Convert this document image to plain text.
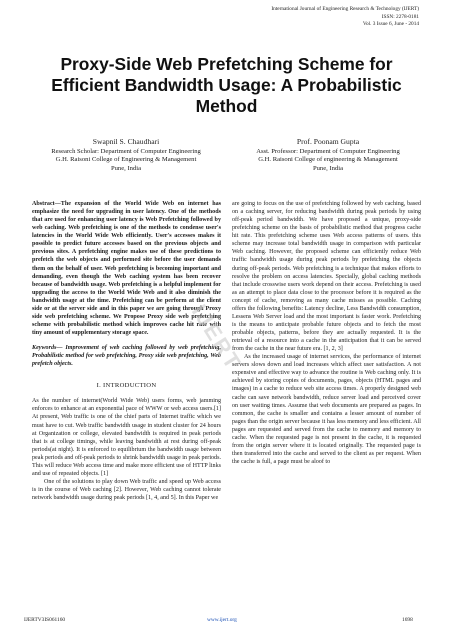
International Journal of Engineering Research & Technology (IJERT)
ISSN: 2278-0181
Vol. 3 Issue 6, June - 2014
Proxy-Side Web Prefetching Scheme for Efficient Bandwidth Usage: A Probabilistic Method
Swapnil S. Chaudhari
Research Scholar: Department of Computer Engineering
G.H. Raisoni College of Engineering & Management
Pune, India
Prof. Poonam Gupta
Asst. Professor: Department of Computer Engineering
G.H. Raisoni College of engineering & Management
Pune, India

Abstract—The expansion of the World Wide Web on internet has emphasize the need for upgrading in user latency. One of the methods that are used for enhancing user latency is Web Prefetching followed by web caching. Web prefetching is one of the methods to condense user's latencies in the World Wide Web efficiently. User's accesses makes it possible to predict future accesses based on the previous objects and previous sites. A prefetching engine makes use of these predictions to prefetch the web objects and performed site before the user demands them on the behalf of user. Web prefetching is becoming important and demanding, even though the Web caching system has been recover because of bandwidth usage. Web prefetching is a helpful implement for upgrading the access to the World Wide Web and it also diminish the bandwidth usage at the time. Prefetching can be perform at the client side or at the server side and in this paper we are going through Proxy side web prefetching scheme. We Propose Proxy side web prefetching scheme with probabilistic method which improves cache hit rate with tiny amount of supplementary storage space.

Keywords— Improvement of web caching followed by web prefetching, Probabilistic method for web prefetching, Proxy side web prefetching, Web prefetch objects.

I. INTRODUCTION

As the number of internet(World Wide Web) users forms, web jamming enforces to enhance at an exponential pace of WWW or web access users.[1] At present, Web traffic is one of the chief parts of Internet traffic which we must have to cut. Web traffic bandwidth usage in student cluster for 24 hours at Organization or college, elevated bandwidth is required in peak periods that is at college timings, while leaving bandwidth at rest during off-peak periods(at night). It is enforced to equilibrium the bandwidth usage between peak periods and off-peak periods to shrink bandwidth usage in peak periods. This will reduce Web access time and make more efficient use of HTTP links and use of repeated objects. [1]

One of the solutions to play down Web traffic and speed up Web access is in the course of Web caching [2]. However, Web caching cannot tolerate network bandwidth usage during peak periods [1, 4, and 5]. In this Paper we

are going to focus on the use of prefetching followed by web caching, based on a caching server, for reducing bandwidth during peak periods by using off-peak period bandwidth. We have proposed a unique, proxy-side prefetching scheme on the basis of probabilistic method that progress cache hit rate. This prefetching scheme uses Web access patterns of users. this scheme may increase total bandwidth usage in comparison with particular Web caching. However, the proposed scheme can efficiently reduce Web traffic bandwidth usage during peak periods by prefetching the objects during off-peak periods. Web prefetching is a technique that makes efforts to resolve the problem on access latencies. Specially, global caching methods that include crosswise users work depend on their access. Prefetching is used as an attempt to place data close to the processor before it is required as the concept of cache, removing as many cache misses as possible. Caching offers the following benefits: Latency decline, Less Bandwidth consumption, Lessens Web Server load and the most important is faster work. Prefetching is the means to anticipate probable future objects and to fetch the most probable objects, patterns, before they are actually requested. It is the retrieval of a resource into a cache in the anticipation that it can be served from the cache in the near future era. [1, 2, 3]

As the increased usage of internet services, the performance of internet servers slows down and load increases which affect user satisfaction. A not expensive and effective way to advance the routine is Web caching only. It is achieved by storing copies of documents, pages, objects (HTML pages and images) in a cache to reduce web site access times. A properly designed web cache can save network bandwidth, reduce server load and perceived cover on user waiting times. Assume that web documents are prepared as pages. In common, the cache is smaller and contains a lesser amount of number of pages than the origin server because it has less memory and less efficient. All pages are requested and served from the cache to memory and memory to cache. When the requested page is not present in the cache, it is requested from the origin server where it is located originally. The requested page is then transferred into the cache and served to the client as per request. When the cache is full, a page must be aloof to

IJERT
IJERTV3IS061160	www.ijert.org	1698
